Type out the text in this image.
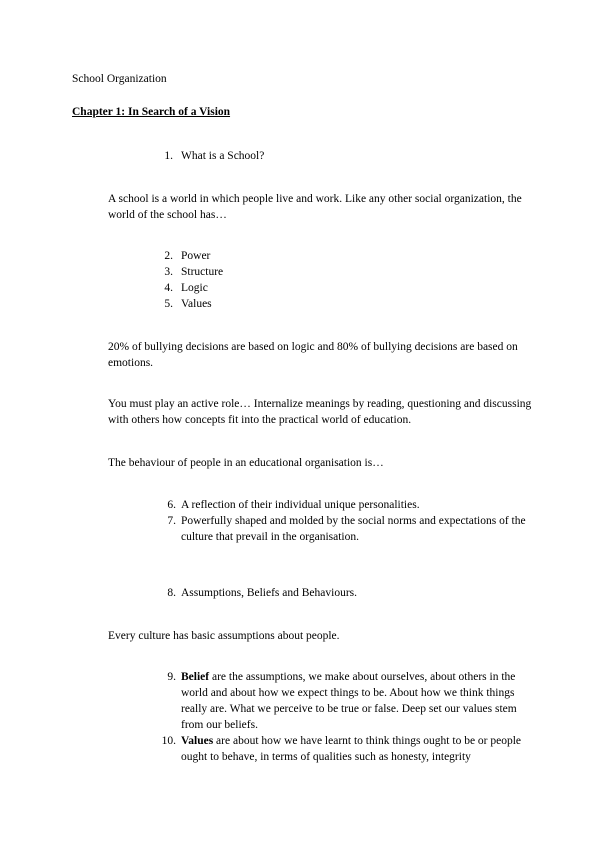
School Organization
Chapter 1: In Search of a Vision
1. What is a School?
A school is a world in which people live and work. Like any other social organization, the world of the school has…
2. Power
3. Structure
4. Logic
5. Values
20% of bullying decisions are based on logic and 80% of bullying decisions are based on emotions.
You must play an active role… Internalize meanings by reading, questioning and discussing with others how concepts fit into the practical world of education.
The behaviour of people in an educational organisation is…
6. A reflection of their individual unique personalities.
7. Powerfully shaped and molded by the social norms and expectations of the culture that prevail in the organisation.
8. Assumptions, Beliefs and Behaviours.
Every culture has basic assumptions about people.
9. Belief are the assumptions, we make about ourselves, about others in the world and about how we expect things to be. About how we think things really are. What we perceive to be true or false. Deep set our values stem from our beliefs.
10. Values are about how we have learnt to think things ought to be or people ought to behave, in terms of qualities such as honesty, integrity
